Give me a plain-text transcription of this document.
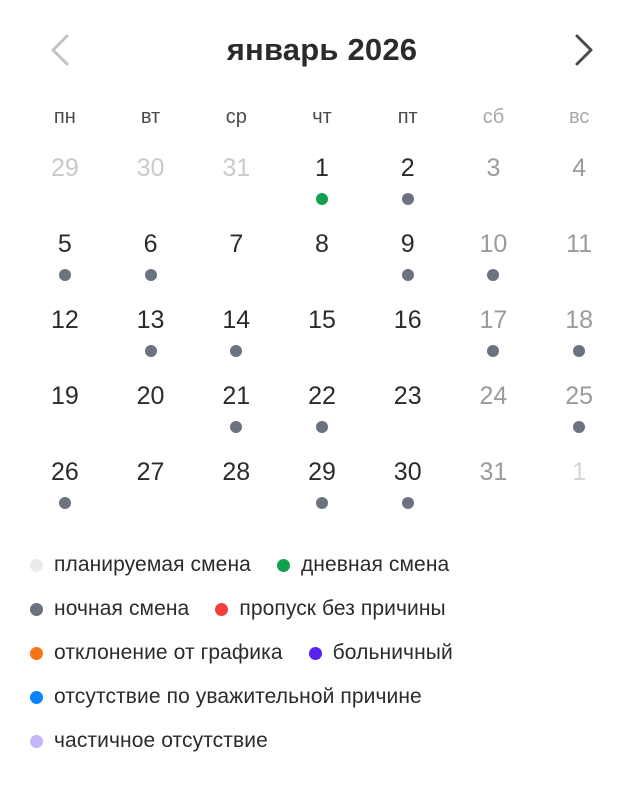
январь 2026
пн	вт	ср	чт	пт	сб	вс
29 30 31	1	2	3	4
5	6	7	8	9	10 11
12 13 14 15 16 17 18
19 20 21 22 23 24 25
26 27 28 29 30 31	1
планируемая смена дневная смена
ночная смена пропуск без причины
отклонение от графика больничный
отсутствие по уважительной причине
частичное отсутствие
